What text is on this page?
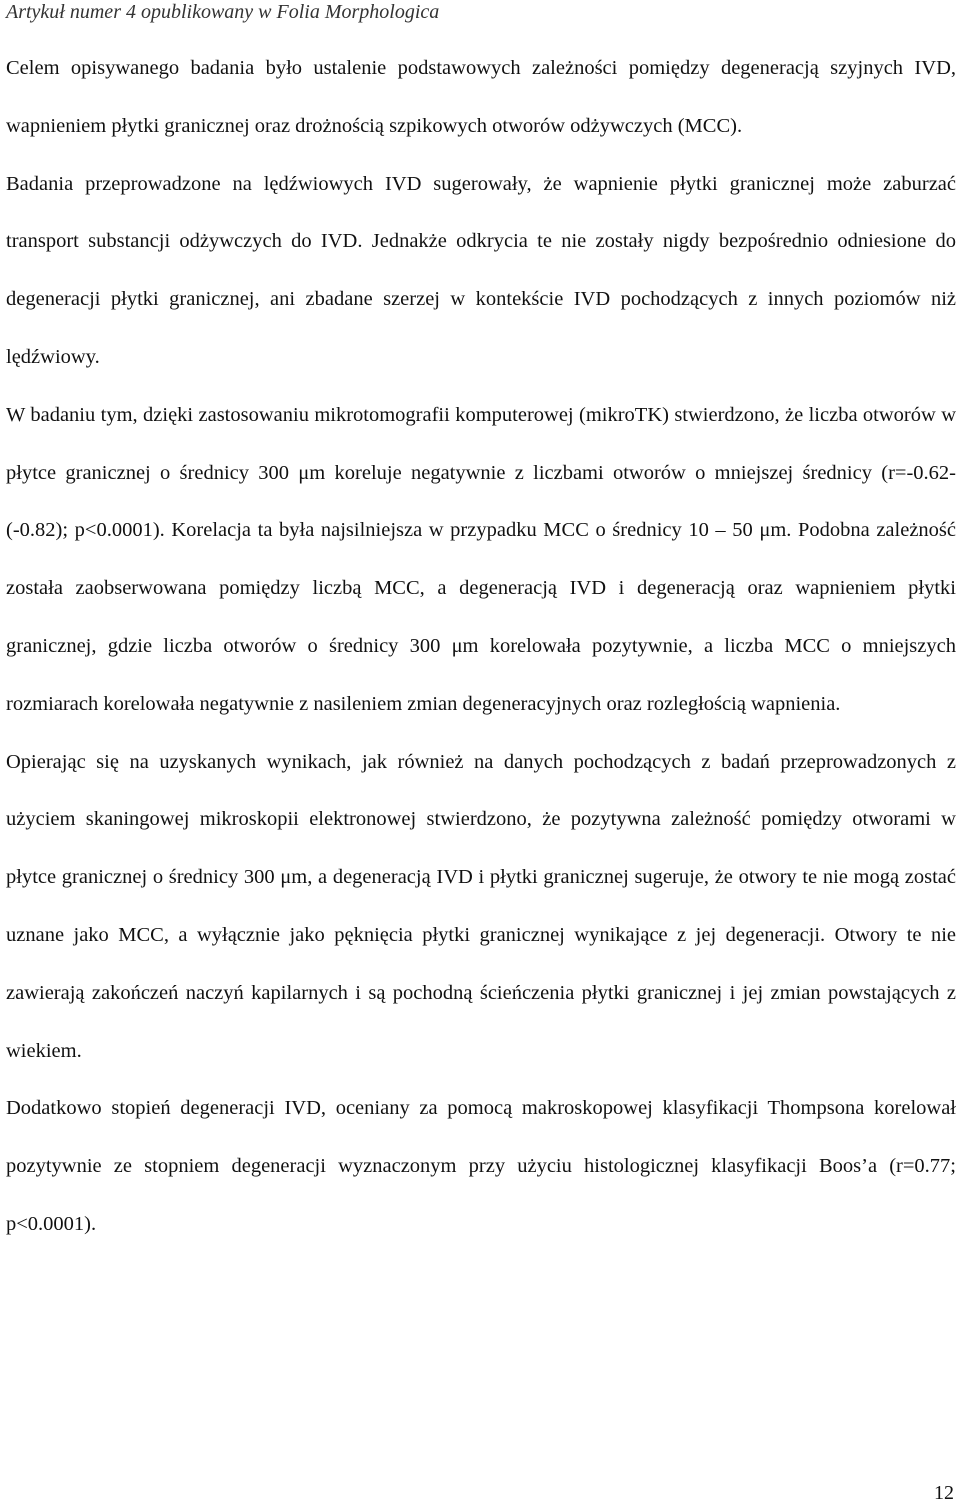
Artykuł numer 4 opublikowany w Folia Morphologica

Celem opisywanego badania było ustalenie podstawowych zależności pomiędzy degeneracją szyjnych IVD, wapnieniem płytki granicznej oraz drożnością szpikowych otworów odżywczych (MCC).

Badania przeprowadzone na lędźwiowych IVD sugerowały, że wapnienie płytki granicznej może zaburzać transport substancji odżywczych do IVD. Jednakże odkrycia te nie zostały nigdy bezpośrednio odniesione do degeneracji płytki granicznej, ani zbadane szerzej w kontekście IVD pochodzących z innych poziomów niż lędźwiowy.

W badaniu tym, dzięki zastosowaniu mikrotomografii komputerowej (mikroTK) stwierdzono, że liczba otworów w płytce granicznej o średnicy 300 μm koreluje negatywnie z liczbami otworów o mniejszej średnicy (r=-0.62-(-0.82); p<0.0001). Korelacja ta była najsilniejsza w przypadku MCC o średnicy 10 – 50 μm. Podobna zależność została zaobserwowana pomiędzy liczbą MCC, a degeneracją IVD i degeneracją oraz wapnieniem płytki granicznej, gdzie liczba otworów o średnicy 300 μm korelowała pozytywnie, a liczba MCC o mniejszych rozmiarach korelowała negatywnie z nasileniem zmian degeneracyjnych oraz rozległością wapnienia.

Opierając się na uzyskanych wynikach, jak również na danych pochodzących z badań przeprowadzonych z użyciem skaningowej mikroskopii elektronowej stwierdzono, że pozytywna zależność pomiędzy otworami w płytce granicznej o średnicy 300 μm, a degeneracją IVD i płytki granicznej sugeruje, że otwory te nie mogą zostać uznane jako MCC, a wyłącznie jako pęknięcia płytki granicznej wynikające z jej degeneracji. Otwory te nie zawierają zakończeń naczyń kapilarnych i są pochodną ścieńczenia płytki granicznej i jej zmian powstających z wiekiem.

Dodatkowo stopień degeneracji IVD, oceniany za pomocą makroskopowej klasyfikacji Thompsona korelował pozytywnie ze stopniem degeneracji wyznaczonym przy użyciu histologicznej klasyfikacji Boos’a (r=0.77; p<0.0001).

12
